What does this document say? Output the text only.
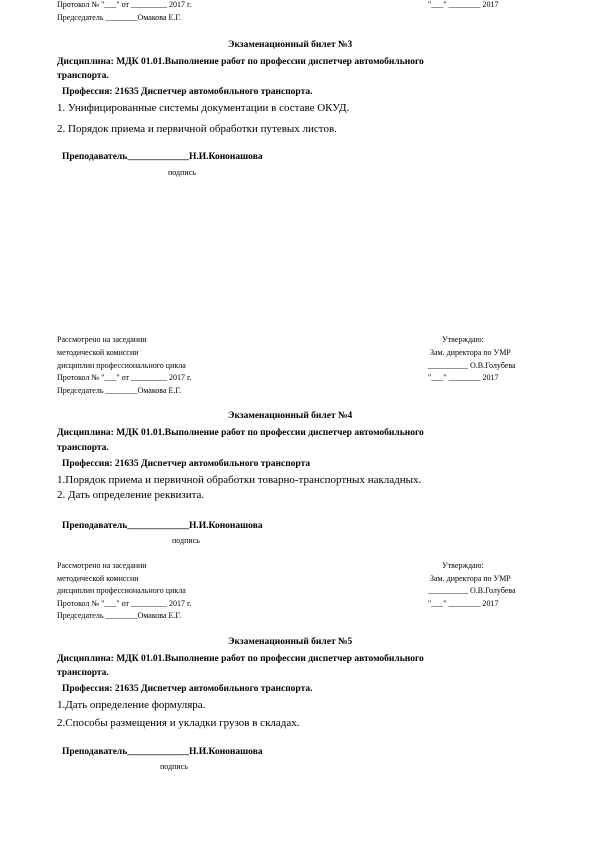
Протокол № "___" от _________ 2017 г.
Председатель ________Омакова Е.Г.
"___" ________ 2017
Экзаменационный билет №3
Дисциплина: МДК 01.01.Выполнение работ по профессии диспетчер автомобильного
транспорта.
Профессия: 21635 Диспетчер автомобильного транспорта.
1. Унифицированные системы документации в составе ОКУД.
2. Порядок приема и первичной обработки путевых листов.
Преподаватель_____________Н.И.Кононашова
подпись
Рассмотрено на заседании
методической комиссии
дисциплин профессионального цикла
Протокол № "___" от _________ 2017 г.
Председатель ________Омакова Е.Г.
Утверждаю:
Зам. директора по УМР
__________ О.В.Голубева
"___" ________ 2017
Экзаменационный билет №4
Дисциплина: МДК 01.01.Выполнение работ по профессии диспетчер автомобильного
транспорта.
Профессия: 21635 Диспетчер автомобильного транспорта
1.Порядок приема и первичной обработки товарно-транспортных накладных.
2. Дать определение реквизита.
Преподаватель_____________Н.И.Кононашова
подпись
Рассмотрено на заседании
методической комиссии
дисциплин профессионального цикла
Протокол № "___" от _________ 2017 г.
Председатель ________Омакова Е.Г.
Утверждаю:
Зам. директора по УМР
__________ О.В.Голубева
"___" ________ 2017
Экзаменационный билет №5
Дисциплина: МДК 01.01.Выполнение работ по профессии диспетчер автомобильного
транспорта.
Профессия: 21635 Диспетчер автомобильного транспорта.
1.Дать определение формуляра.
2.Способы размещения и укладки грузов в складах.
Преподаватель_____________Н.И.Кононашова
подпись
